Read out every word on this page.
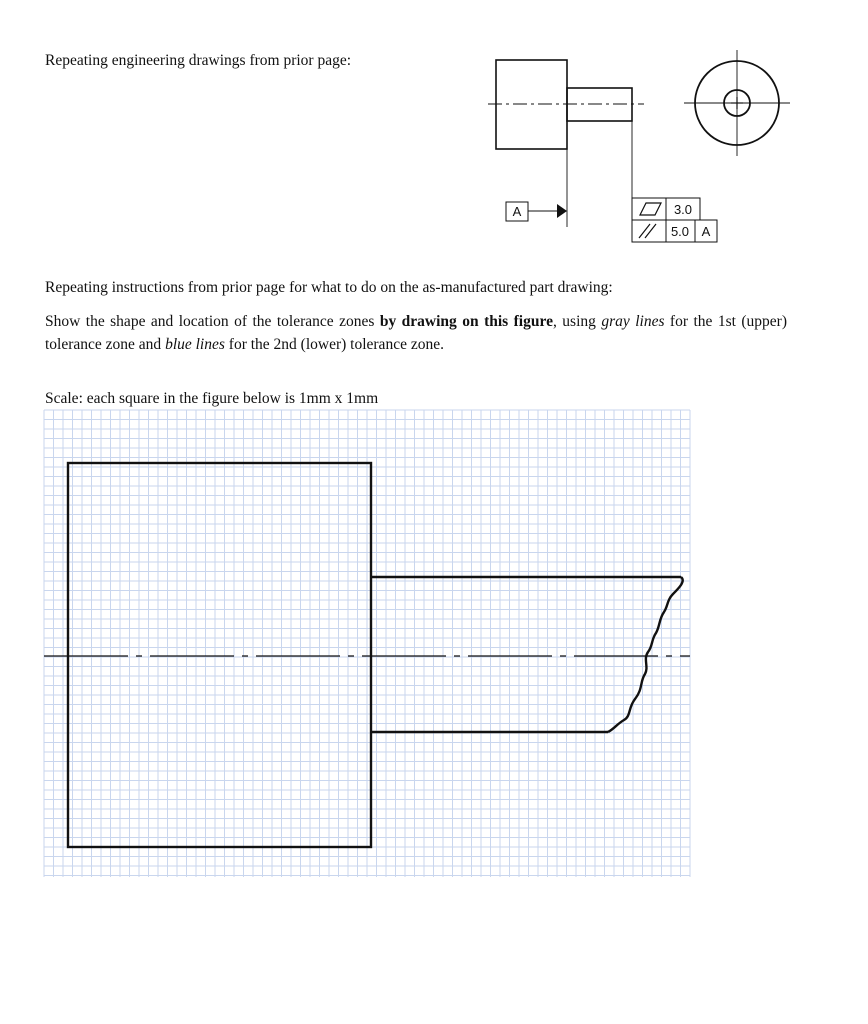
Repeating engineering drawings from prior page:

A	3.0
5.0 A

Repeating instructions from prior page for what to do on the as-manufactured part drawing:

Show the shape and location of the tolerance zones by drawing on this figure, using gray lines for the 1st (upper) tolerance zone and blue lines for the 2nd (lower) tolerance zone.

Scale: each square in the figure below is 1mm x 1mm
